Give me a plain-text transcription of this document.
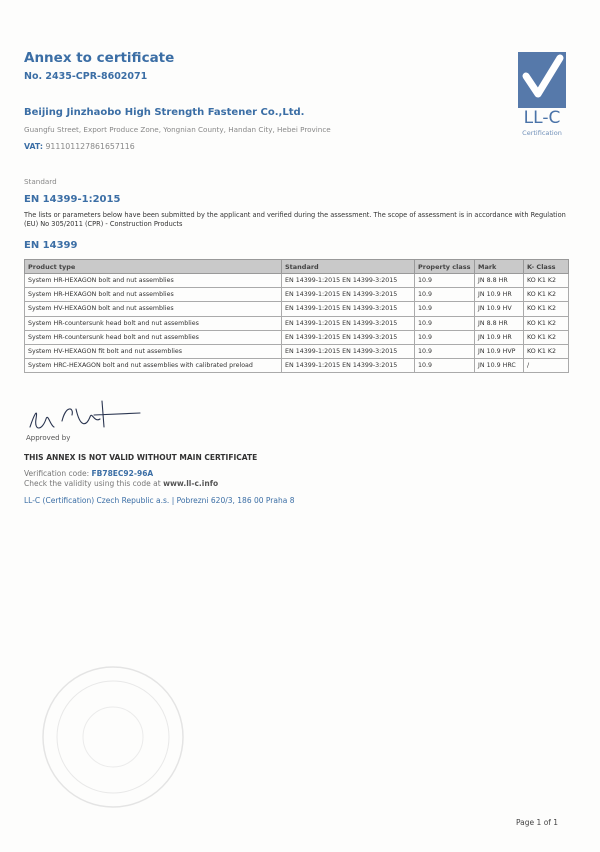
Annex to certificate
No. 2435-CPR-8602071
LL-C
Certification
Beijing Jinzhaobo High Strength Fastener Co.,Ltd.
Guangfu Street, Export Produce Zone, Yongnian County, Handan City, Hebei Province
VAT: 911101127861657116
Standard
EN 14399-1:2015
The lists or parameters below have been submitted by the applicant and verified during the assessment. The scope of assessment is in accordance with Regulation (EU) No 305/2011 (CPR) - Construction Products
EN 14399
Product type	Standard	Property class	Mark	K- Class
System HR-HEXAGON bolt and nut assemblies	EN 14399-1:2015 EN 14399-3:2015	10.9	JN 8.8 HR	KO K1 K2
System HR-HEXAGON bolt and nut assemblies	EN 14399-1:2015 EN 14399-3:2015	10.9	JN 10.9 HR	KO K1 K2
System HV-HEXAGON bolt and nut assemblies	EN 14399-1:2015 EN 14399-3:2015	10.9	JN 10.9 HV	KO K1 K2
System HR-countersunk head bolt and nut assemblies	EN 14399-1:2015 EN 14399-3:2015	10.9	JN 8.8 HR	KO K1 K2
System HR-countersunk head bolt and nut assemblies	EN 14399-1:2015 EN 14399-3:2015	10.9	JN 10.9 HR	KO K1 K2
System HV-HEXAGON fit bolt and nut assemblies	EN 14399-1:2015 EN 14399-3:2015	10.9	JN 10.9 HVP	KO K1 K2
System HRC-HEXAGON bolt and nut assemblies with calibrated preload	EN 14399-1:2015 EN 14399-3:2015	10.9	JN 10.9 HRC	/
Approved by
THIS ANNEX IS NOT VALID WITHOUT MAIN CERTIFICATE
Verification code: FB78EC92-96A
Check the validity using this code at www.ll-c.info
LL-C (Certification) Czech Republic a.s. | Pobrezni 620/3, 186 00 Praha 8
Page 1 of 1
